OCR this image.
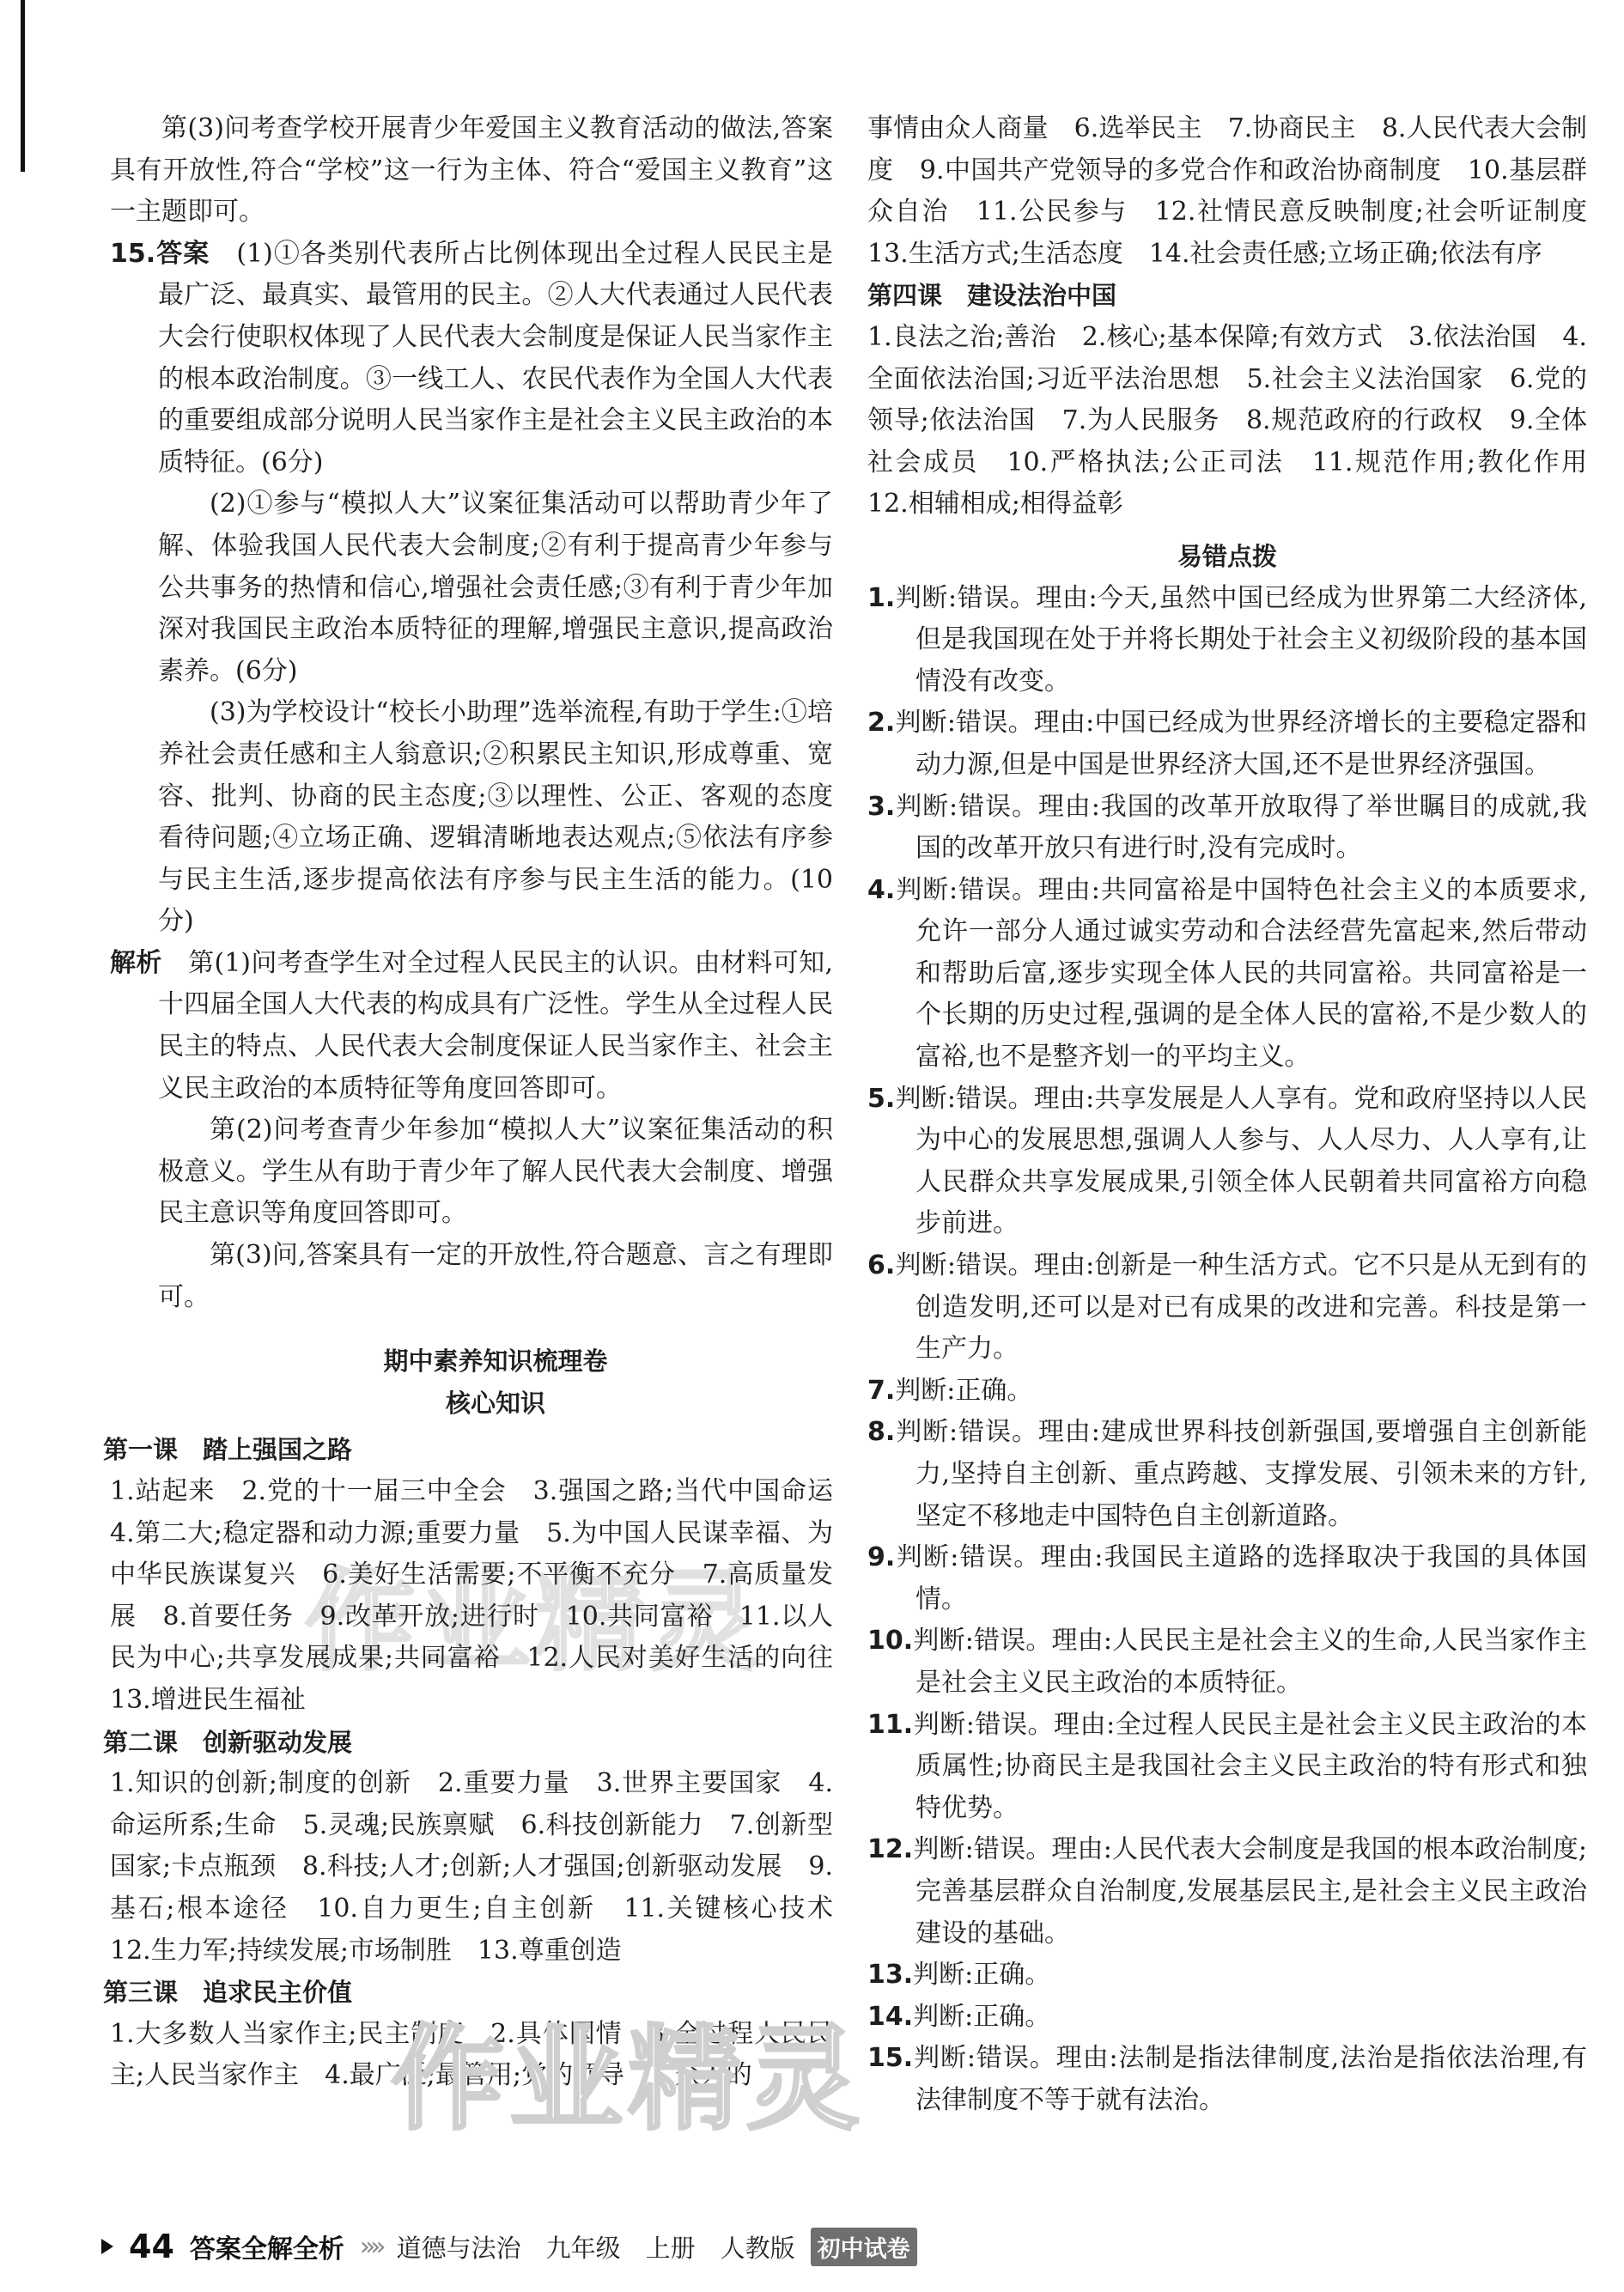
作 业 精 灵

第(3)问考查学校开展青少年爱国主义教育活动的做法,答案具有开放性,符合“学校”这一行为主体、符合“爱国主义教育”这一主题即可。

15.答案　 (1)①各类别代表所占比例体现出全过程人民民主是最广泛、最真实、最管用的民主。②人大代表通过人民代表大会行使职权体现了人民代表大会制度是保证人民当家作主的根本政治制度。③一线工人、农民代表作为全国人大代表的重要组成部分说明人民当家作主是社会主义民主政治的本质特征。(6分)

(2)①参与“模拟人大”议案征集活动可以帮助青少年了解、体验我国人民代表大会制度;②有利于提高青少年参与公共事务的热情和信心,增强社会责任感;③有利于青少年加深对我国民主政治本质特征的理解,增强民主意识,提高政治素养。(6分)

(3)为学校设计“校长小助理”选举流程,有助于学生:①培养社会责任感和主人翁意识;②积累民主知识,形成尊重、宽容、批判、协商的民主态度;③以理性、公正、客观的态度看待问题;④立场正确、逻辑清晰地表达观点;⑤依法有序参与民主生活,逐步提高依法有序参与民主生活的能力。(10分)

解析　 第(1)问考查学生对全过程人民民主的认识。由材料可知,十四届全国人大代表的构成具有广泛性。学生从全过程人民民主的特点、人民代表大会制度保证人民当家作主、社会主义民主政治的本质特征等角度回答即可。

第(2)问考查青少年参加“模拟人大”议案征集活动的积极意义。学生从有助于青少年了解人民代表大会制度、增强民主意识等角度回答即可。

第(3)问,答案具有一定的开放性,符合题意、言之有理即可。

期中素养知识梳理卷

核心知识

第一课　踏上强国之路

1.站起来　2.党的十一届三中全会　3.强国之路;当代中国命运　4.第二大;稳定器和动力源;重要力量　5.为中国人民谋幸福、为中华民族谋复兴　6.美好生活需要;不平衡不充分　7.高质量发展　8.首要任务　9.改革开放;进行时　10.共同富裕　11.以人民为中心;共享发展成果;共同富裕　12.人民对美好生活的向往　13.增进民生福祉

第二课　创新驱动发展

1.知识的创新;制度的创新　2.重要力量　3.世界主要国家　4.命运所系;生命　5.灵魂;民族禀赋　6.科技创新能力　7.创新型国家;卡点瓶颈　8.科技;人才;创新;人才强国;创新驱动发展　9.基石;根本途径　10.自力更生;自主创新　11.关键核心技术　12.生力军;持续发展;市场制胜　13.尊重创造

第三课　追求民主价值

1.大多数人当家作主;民主制度　2.具体国情　3.全过程人民民主;人民当家作主　4.最广泛;最管用;党的领导　5.众人的

事情由众人商量　6.选举民主　7.协商民主　8.人民代表大会制度　9.中国共产党领导的多党合作和政治协商制度　10.基层群众自治　11.公民参与　12.社情民意反映制度;社会听证制度　13.生活方式;生活态度　14.社会责任感;立场正确;依法有序

第四课　建设法治中国

1.良法之治;善治　2.核心;基本保障;有效方式　3.依法治国　4.全面依法治国;习近平法治思想　5.社会主义法治国家　6.党的领导;依法治国　7.为人民服务　8.规范政府的行政权　9.全体社会成员　10.严格执法;公正司法　11.规范作用;教化作用　12.相辅相成;相得益彰

易错点拨

1.判断:错误。理由:今天,虽然中国已经成为世界第二大经济体,但是我国现在处于并将长期处于社会主义初级阶段的基本国情没有改变。

2.判断:错误。理由:中国已经成为世界经济增长的主要稳定器和动力源,但是中国是世界经济大国,还不是世界经济强国。

3.判断:错误。理由:我国的改革开放取得了举世瞩目的成就,我国的改革开放只有进行时,没有完成时。

4.判断:错误。理由:共同富裕是中国特色社会主义的本质要求,允许一部分人通过诚实劳动和合法经营先富起来,然后带动和帮助后富,逐步实现全体人民的共同富裕。共同富裕是一个长期的历史过程,强调的是全体人民的富裕,不是少数人的富裕,也不是整齐划一的平均主义。

5.判断:错误。理由:共享发展是人人享有。党和政府坚持以人民为中心的发展思想,强调人人参与、人人尽力、人人享有,让人民群众共享发展成果,引领全体人民朝着共同富裕方向稳步前进。

6.判断:错误。理由:创新是一种生活方式。它不只是从无到有的创造发明,还可以是对已有成果的改进和完善。科技是第一生产力。

7.判断:正确。

8.判断:错误。理由:建成世界科技创新强国,要增强自主创新能力,坚持自主创新、重点跨越、支撑发展、引领未来的方针,坚定不移地走中国特色自主创新道路。

9.判断:错误。理由:我国民主道路的选择取决于我国的具体国情。

10.判断:错误。理由:人民民主是社会主义的生命,人民当家作主是社会主义民主政治的本质特征。

11.判断:错误。理由:全过程人民民主是社会主义民主政治的本质属性;协商民主是我国社会主义民主政治的特有形式和独特优势。

12.判断:错误。理由:人民代表大会制度是我国的根本政治制度;完善基层群众自治制度,发展基层民主,是社会主义民主政治建设的基础。

13.判断:正确。

14.判断:正确。

15.判断:错误。理由:法制是指法律制度,法治是指依法治理,有法律制度不等于就有法治。

作 业 精 灵
44 答案全解全析 »» 道德与法治　九年级　上册　人教版 初中试卷
